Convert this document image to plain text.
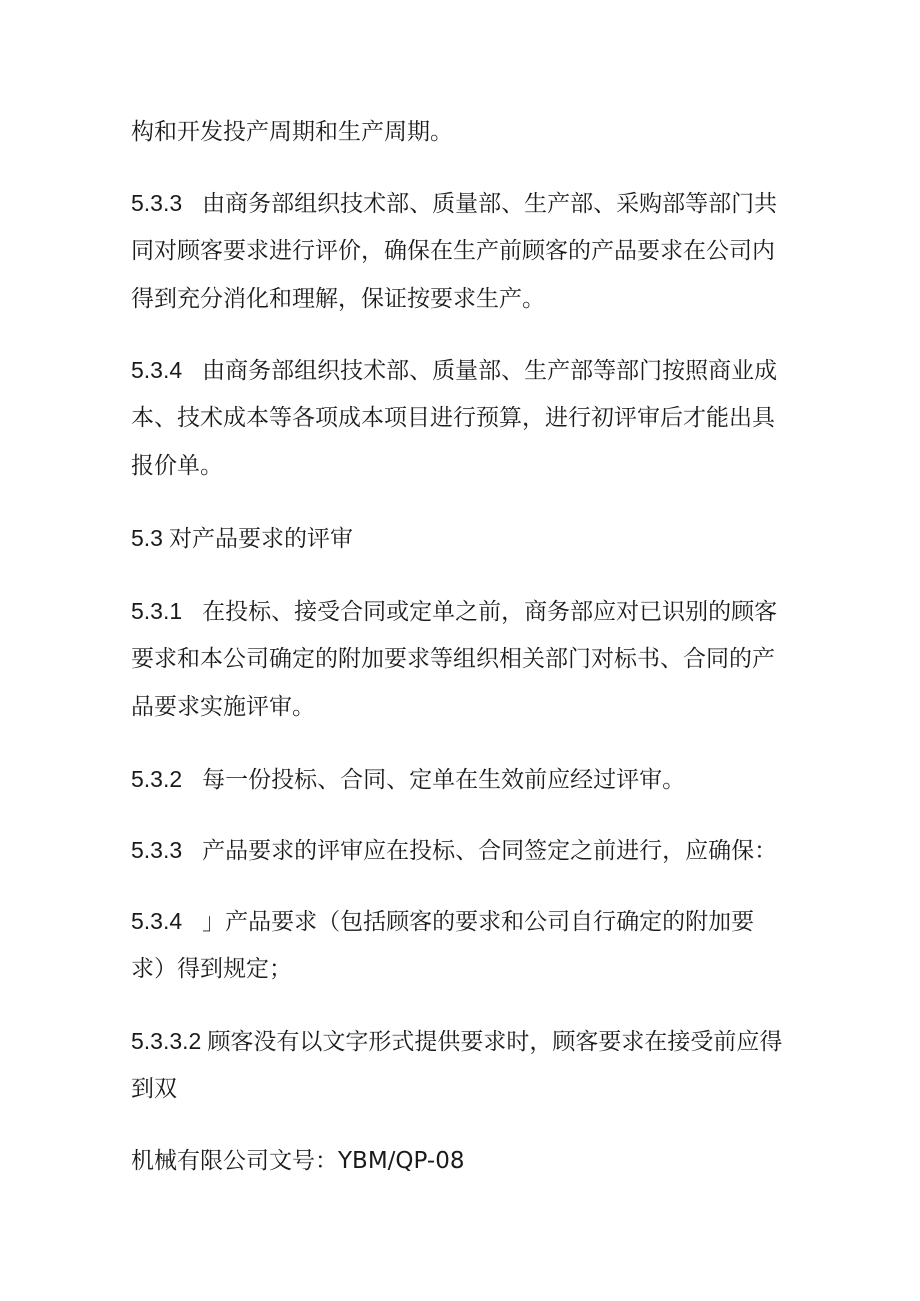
构和开发投产周期和生产周期。
5.3.3 由商务部组织技术部、质量部、生产部、采购部等部门共
同对顾客要求进行评价，确保在生产前顾客的产品要求在公司内
得到充分消化和理解，保证按要求生产。
5.3.4 由商务部组织技术部、质量部、生产部等部门按照商业成
本、技术成本等各项成本项目进行预算，进行初评审后才能出具
报价单。
5.3 对产品要求的评审
5.3.1 在投标、接受合同或定单之前，商务部应对已识别的顾客
要求和本公司确定的附加要求等组织相关部门对标书、合同的产
品要求实施评审。
5.3.2 每一份投标、合同、定单在生效前应经过评审。
5.3.3 产品要求的评审应在投标、合同签定之前进行，应确保：
5.3.4 」产品要求（包括顾客的要求和公司自行确定的附加要
求）得到规定；
5.3.3.2 顾客没有以文字形式提供要求时，顾客要求在接受前应得
到双
机械有限公司文号：YBM/QP-08
